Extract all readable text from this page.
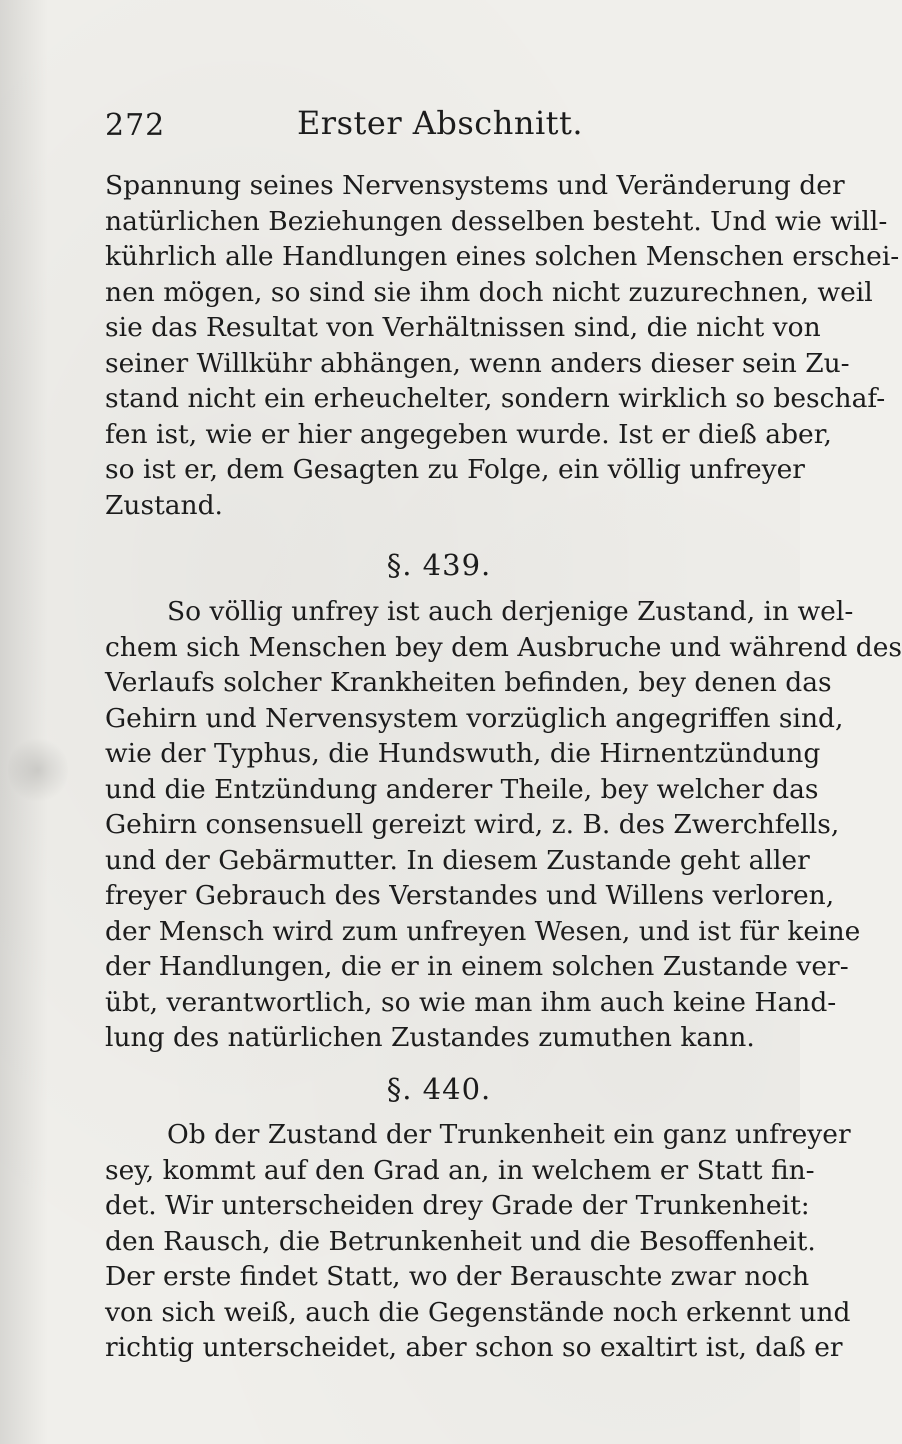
272	Erster Abschnitt.
Spannung seines Nervensystems und Veränderung der
natürlichen Beziehungen desselben besteht. Und wie will-
kührlich alle Handlungen eines solchen Menschen erschei-
nen mögen, so sind sie ihm doch nicht zuzurechnen, weil
sie das Resultat von Verhältnissen sind, die nicht von
seiner Willkühr abhängen, wenn anders dieser sein Zu-
stand nicht ein erheuchelter, sondern wirklich so beschaf-
fen ist, wie er hier angegeben wurde. Ist er dieß aber,
so ist er, dem Gesagten zu Folge, ein völlig unfreyer
Zustand.
§. 439.
So völlig unfrey ist auch derjenige Zustand, in wel-
chem sich Menschen bey dem Ausbruche und während des
Verlaufs solcher Krankheiten befinden, bey denen das
Gehirn und Nervensystem vorzüglich angegriffen sind,
wie der Typhus, die Hundswuth, die Hirnentzündung
und die Entzündung anderer Theile, bey welcher das
Gehirn consensuell gereizt wird, z. B. des Zwerchfells,
und der Gebärmutter. In diesem Zustande geht aller
freyer Gebrauch des Verstandes und Willens verloren,
der Mensch wird zum unfreyen Wesen, und ist für keine
der Handlungen, die er in einem solchen Zustande ver-
übt, verantwortlich, so wie man ihm auch keine Hand-
lung des natürlichen Zustandes zumuthen kann.
§. 440.
Ob der Zustand der Trunkenheit ein ganz unfreyer
sey, kommt auf den Grad an, in welchem er Statt fin-
det. Wir unterscheiden drey Grade der Trunkenheit:
den Rausch, die Betrunkenheit und die Besoffenheit.
Der erste findet Statt, wo der Berauschte zwar noch
von sich weiß, auch die Gegenstände noch erkennt und
richtig unterscheidet, aber schon so exaltirt ist, daß er
